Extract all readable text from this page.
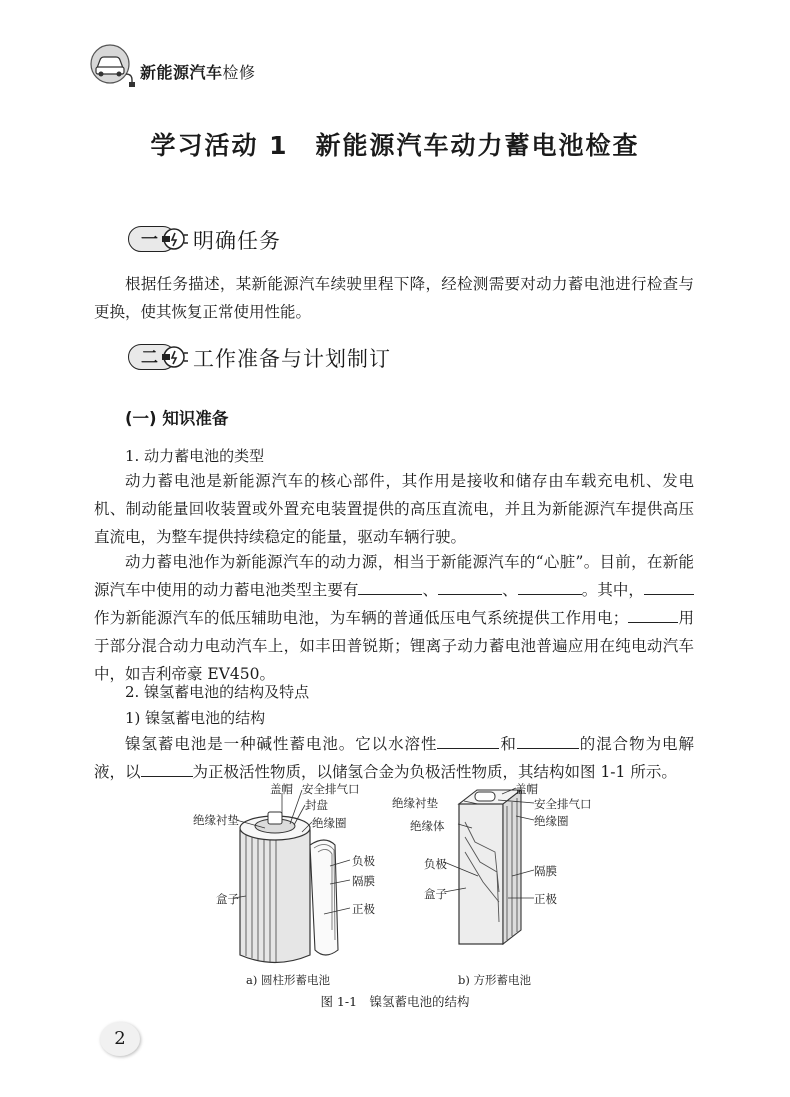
新能源汽车检修
学习活动 1　新能源汽车动力蓄电池检查
一	明确任务
根据任务描述，某新能源汽车续驶里程下降，经检测需要对动力蓄电池进行检查与更换，使其恢复正常使用性能。
二	工作准备与计划制订
(一) 知识准备
1. 动力蓄电池的类型
动力蓄电池是新能源汽车的核心部件，其作用是接收和储存由车载充电机、发电机、制动能量回收装置或外置充电装置提供的高压直流电，并且为新能源汽车提供高压直流电，为整车提供持续稳定的能量，驱动车辆行驶。
动力蓄电池作为新能源汽车的动力源，相当于新能源汽车的“心脏”。目前，在新能源汽车中使用的动力蓄电池类型主要有	、	、	。其中，作为新能源汽车的低压辅助电池，为车辆的普通低压电气系统提供工作用电；	用于部分混合动力电动汽车上，如丰田普锐斯；锂离子动力蓄电池普遍应用在纯电动汽车中，如吉利帝豪 EV450。
2. 镍氢蓄电池的结构及特点
1) 镍氢蓄电池的结构
镍氢蓄电池是一种碱性蓄电池。它以水溶性	和	的混合物为电解液，以	为正极活性物质，以储氢合金为负极活性物质，其结构如图 1-1 所示。
盖帽 安全排气口
封盘
绝缘衬垫	绝缘圈
负极
隔膜
盒子
正极
绝缘衬垫
盖帽
安全排气口
绝缘体	绝缘圈
负极	隔膜
盒子	正极
a) 圆柱形蓄电池	b) 方形蓄电池
图 1-1　镍氢蓄电池的结构
2
